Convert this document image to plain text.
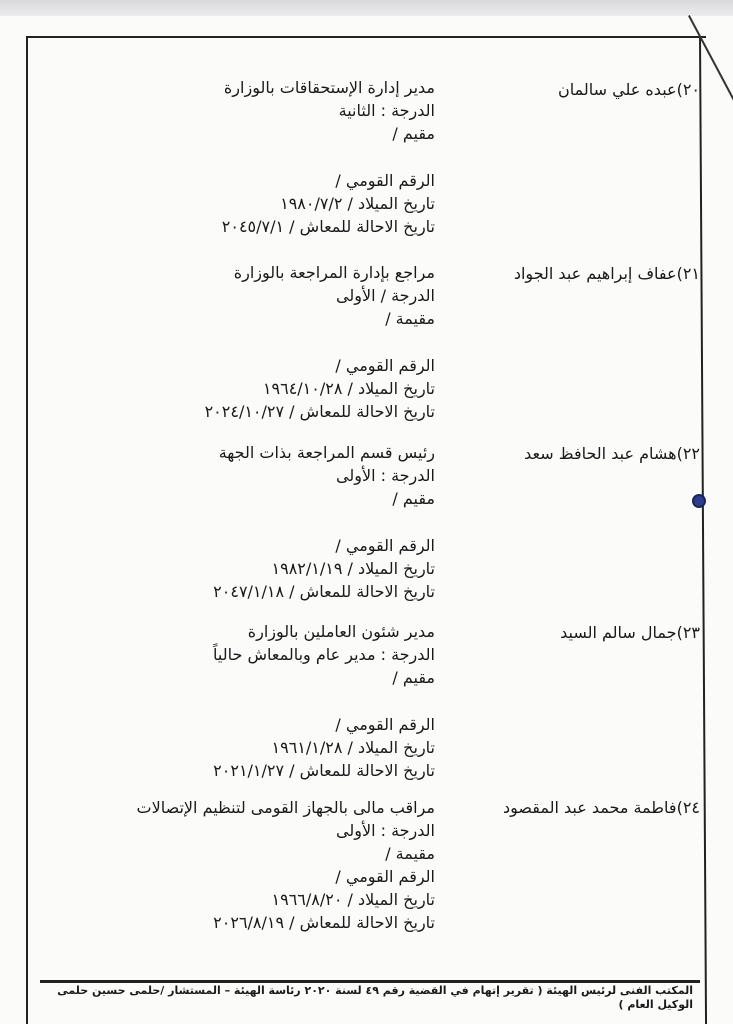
٢٠)عبده علي سالمان
مدير إدارة الإستحقاقات بالوزارة
الدرجة : الثانية
مقيم /
الرقم القومي /
تاريخ الميلاد / ١٩٨٠/٧/٢
تاريخ الاحالة للمعاش / ٢٠٤٥/٧/١
٢١)عفاف إبراهيم عبد الجواد
مراجع بإدارة المراجعة بالوزارة
الدرجة / الأولى
مقيمة /
الرقم القومي /
تاريخ الميلاد / ١٩٦٤/١٠/٢٨
تاريخ الاحالة للمعاش / ٢٠٢٤/١٠/٢٧
٢٢)هشام عبد الحافظ سعد
رئيس قسم المراجعة بذات الجهة
الدرجة : الأولى
مقيم /
الرقم القومي /
تاريخ الميلاد / ١٩٨٢/١/١٩
تاريخ الاحالة للمعاش / ٢٠٤٧/١/١٨
٢٣)جمال سالم السيد
مدير شئون العاملين بالوزارة
الدرجة : مدير عام وبالمعاش حالياً
مقيم /
الرقم القومي /
تاريخ الميلاد / ١٩٦١/١/٢٨
تاريخ الاحالة للمعاش / ٢٠٢١/١/٢٧
٢٤)فاطمة محمد عبد المقصود
مراقب مالى بالجهاز القومى لتنظيم الإتصالات
الدرجة : الأولى
مقيمة /
الرقم القومي /
تاريخ الميلاد / ١٩٦٦/٨/٢٠
تاريخ الاحالة للمعاش / ٢٠٢٦/٨/١٩
المكتب الفنى لرئيس الهيئة ( تقرير إتهام في القضية رقم ٤٩ لسنة ٢٠٢٠ رئاسة الهيئة – المستشار /حلمى حسين حلمى الوكيل العام )
